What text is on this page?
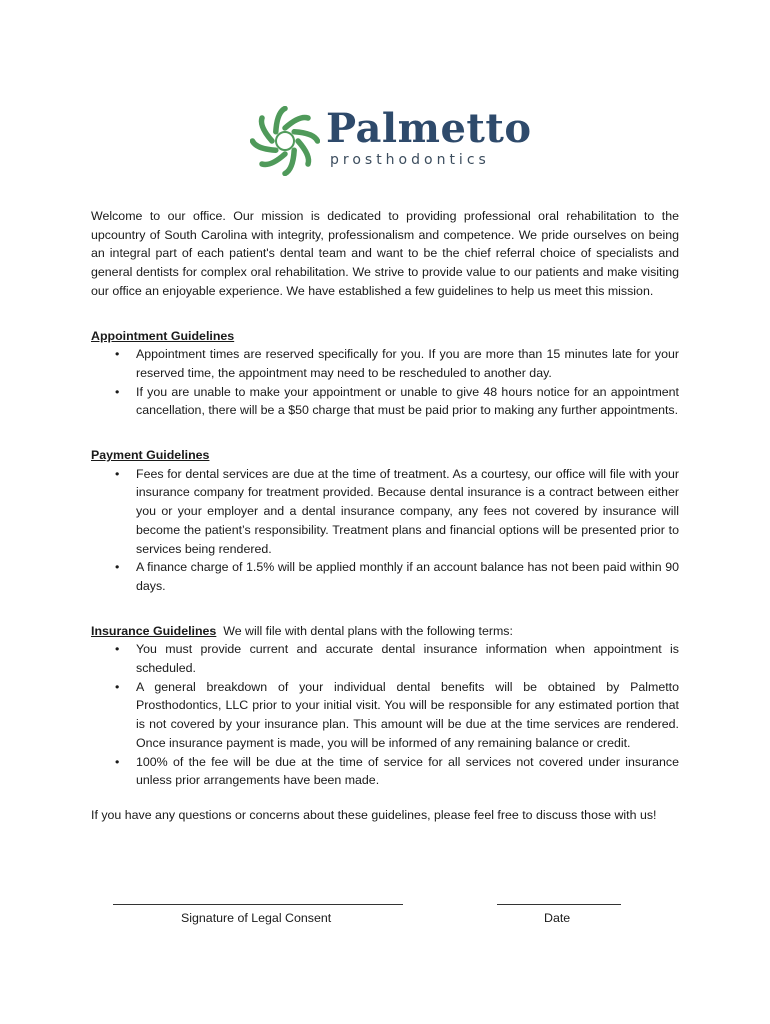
Palmetto
prosthodontics

Welcome to our office. Our mission is dedicated to providing professional oral rehabilitation to the upcountry of South Carolina with integrity, professionalism and competence. We pride ourselves on being an integral part of each patient's dental team and want to be the chief referral choice of specialists and general dentists for complex oral rehabilitation. We strive to provide value to our patients and make visiting our office an enjoyable experience. We have established a few guidelines to help us meet this mission.

Appointment Guidelines

• Appointment times are reserved specifically for you. If you are more than 15 minutes late for your reserved time, the appointment may need to be rescheduled to another day.
• If you are unable to make your appointment or unable to give 48 hours notice for an appointment cancellation, there will be a $50 charge that must be paid prior to making any further appointments.

Payment Guidelines

• Fees for dental services are due at the time of treatment. As a courtesy, our office will file with your insurance company for treatment provided. Because dental insurance is a contract between either you or your employer and a dental insurance company, any fees not covered by insurance will become the patient’s responsibility. Treatment plans and financial options will be presented prior to services being rendered.
• A finance charge of 1.5% will be applied monthly if an account balance has not been paid within 90 days.

Insurance Guidelines We will file with dental plans with the following terms:

• You must provide current and accurate dental insurance information when appointment is scheduled.
• A general breakdown of your individual dental benefits will be obtained by Palmetto Prosthodontics, LLC prior to your initial visit. You will be responsible for any estimated portion that is not covered by your insurance plan. This amount will be due at the time services are rendered. Once insurance payment is made, you will be informed of any remaining balance or credit.
• 100% of the fee will be due at the time of service for all services not covered under insurance unless prior arrangements have been made.

If you have any questions or concerns about these guidelines, please feel free to discuss those with us!

Signature of Legal Consent	Date
